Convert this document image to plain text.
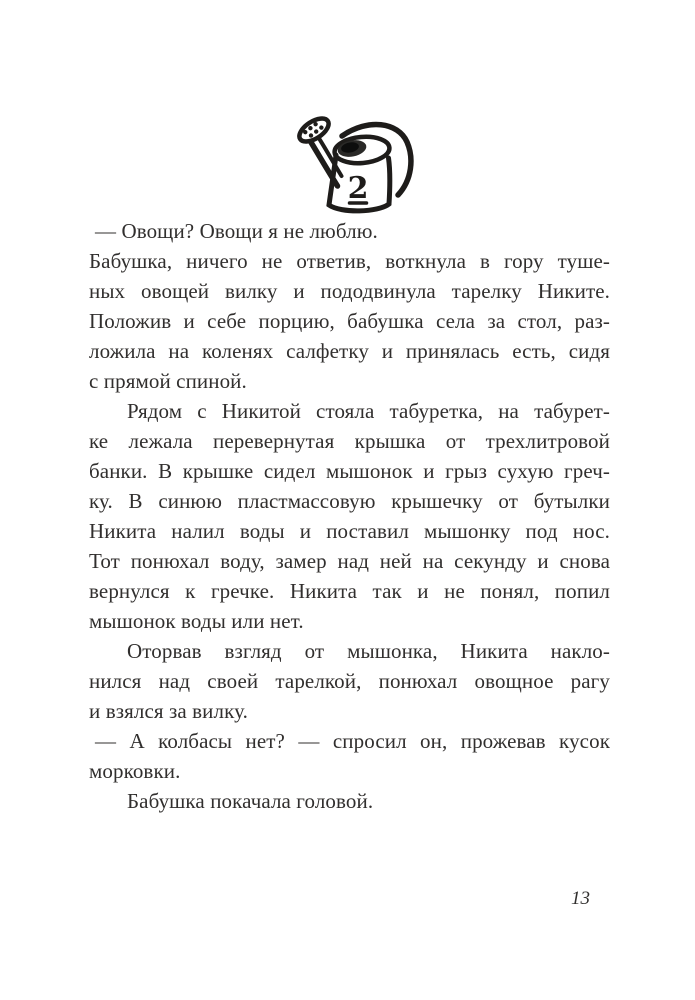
2
— Овощи? Овощи я не люблю.
Бабушка, ничего не ответив, воткнула в гору туше-
ных овощей вилку и пододвинула тарелку Никите.
Положив и себе порцию, бабушка села за стол, раз-
ложила на коленях салфетку и принялась есть, сидя
с прямой спиной.
Рядом с Никитой стояла табуретка, на табурет-
ке лежала перевернутая крышка от трехлитровой
банки. В крышке сидел мышонок и грыз сухую греч-
ку. В синюю пластмассовую крышечку от бутылки
Никита налил воды и поставил мышонку под нос.
Тот понюхал воду, замер над ней на секунду и снова
вернулся к гречке. Никита так и не понял, попил
мышонок воды или нет.
Оторвав взгляд от мышонка, Никита накло-
нился над своей тарелкой, понюхал овощное рагу
и взялся за вилку.
— А колбасы нет? — спросил он, прожевав кусок
морковки.
Бабушка покачала головой.
13
